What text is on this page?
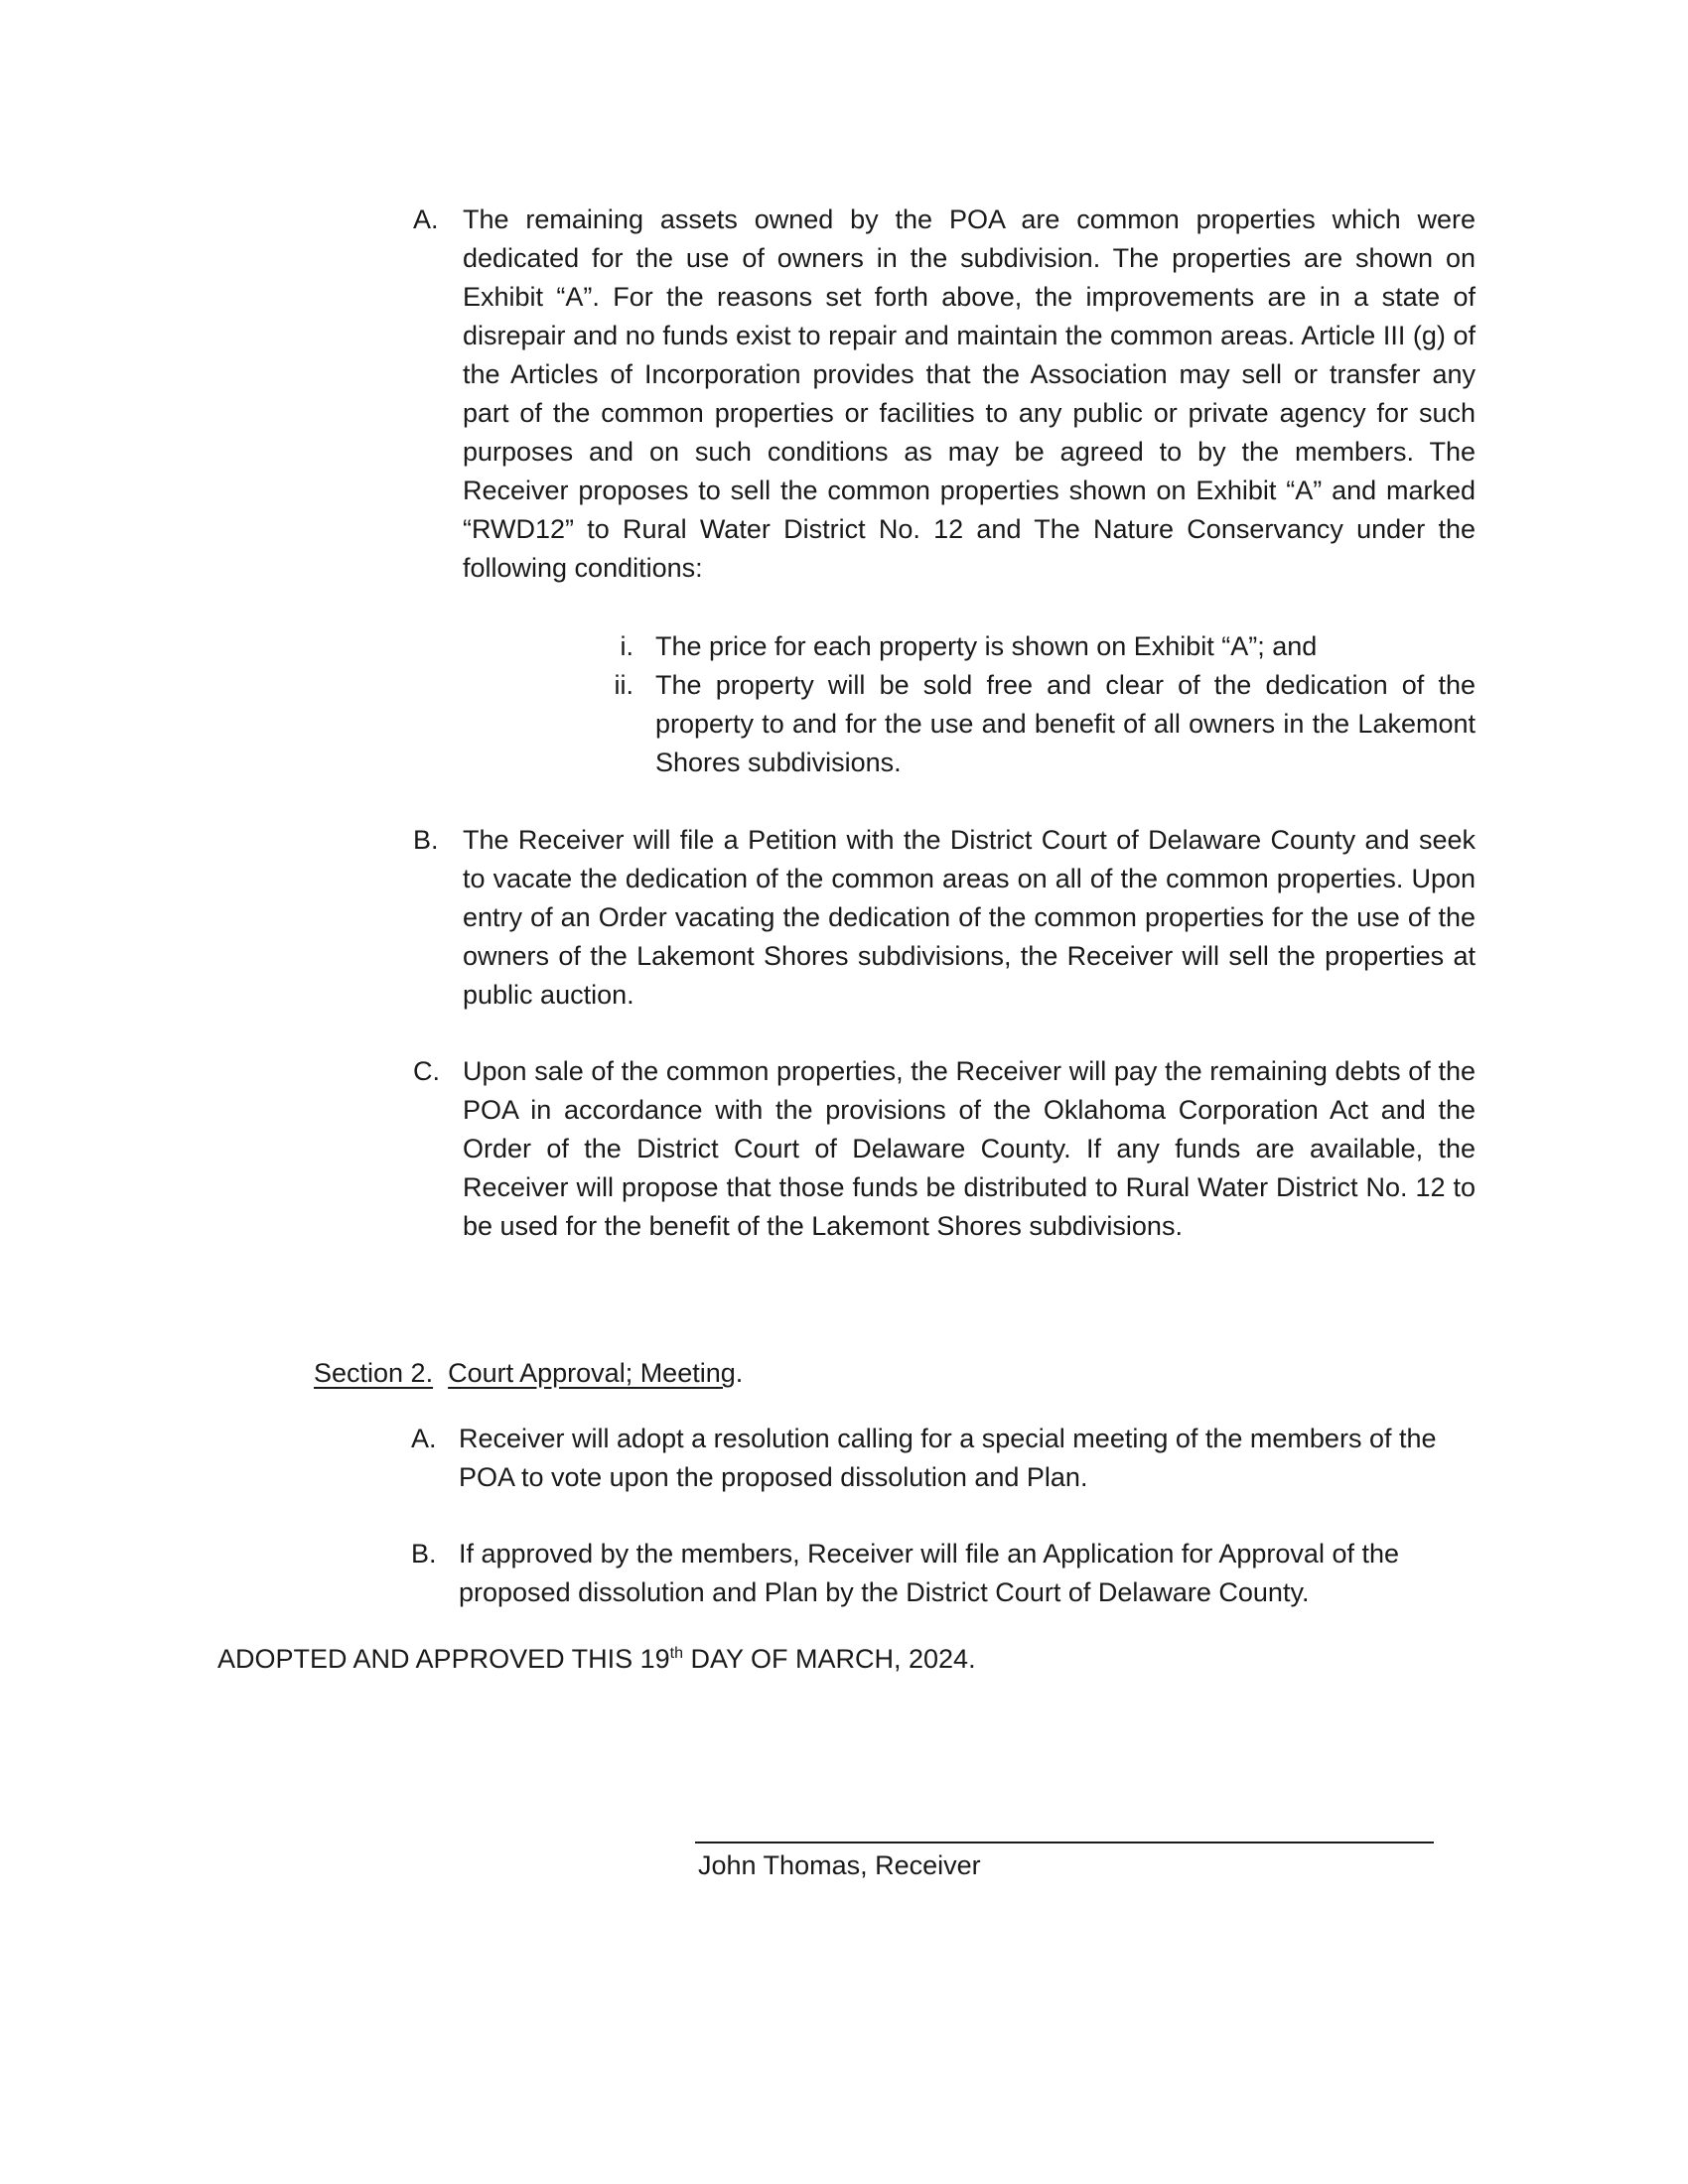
A. The remaining assets owned by the POA are common properties which were dedicated for the use of owners in the subdivision. The properties are shown on Exhibit “A”. For the reasons set forth above, the improvements are in a state of disrepair and no funds exist to repair and maintain the common areas. Article III (g) of the Articles of Incorporation provides that the Association may sell or transfer any part of the common properties or facilities to any public or private agency for such purposes and on such conditions as may be agreed to by the members. The Receiver proposes to sell the common properties shown on Exhibit “A” and marked “RWD12” to Rural Water District No. 12 and The Nature Conservancy under the following conditions:
i. The price for each property is shown on Exhibit “A”; and
ii. The property will be sold free and clear of the dedication of the property to and for the use and benefit of all owners in the Lakemont Shores subdivisions.
B. The Receiver will file a Petition with the District Court of Delaware County and seek to vacate the dedication of the common areas on all of the common properties. Upon entry of an Order vacating the dedication of the common properties for the use of the owners of the Lakemont Shores subdivisions, the Receiver will sell the properties at public auction.
C. Upon sale of the common properties, the Receiver will pay the remaining debts of the POA in accordance with the provisions of the Oklahoma Corporation Act and the Order of the District Court of Delaware County. If any funds are available, the Receiver will propose that those funds be distributed to Rural Water District No. 12 to be used for the benefit of the Lakemont Shores subdivisions.
Section 2. Court Approval; Meeting.
A. Receiver will adopt a resolution calling for a special meeting of the members of the POA to vote upon the proposed dissolution and Plan.
B. If approved by the members, Receiver will file an Application for Approval of the proposed dissolution and Plan by the District Court of Delaware County.
ADOPTED AND APPROVED THIS 19th DAY OF MARCH, 2024.
John Thomas, Receiver
